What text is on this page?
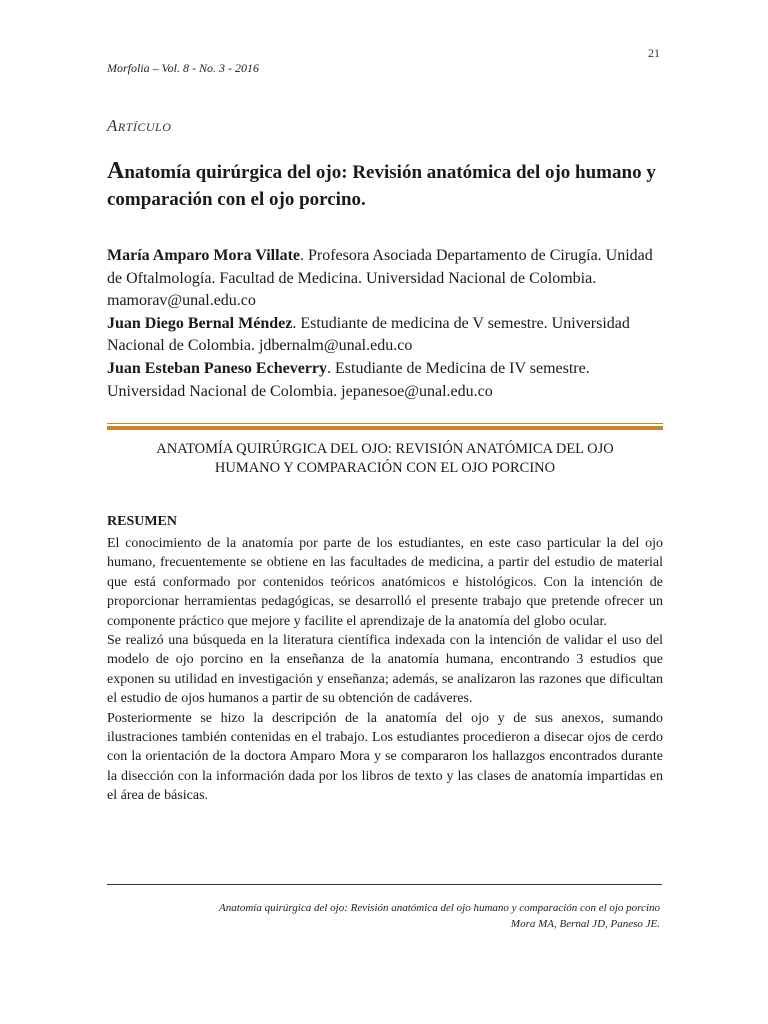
21
Morfolia – Vol. 8 - No. 3 - 2016
Artículo
Anatomía quirúrgica del ojo: Revisión anatómica del ojo humano y comparación con el ojo porcino.
María Amparo Mora Villate. Profesora Asociada Departamento de Cirugía. Unidad de Oftalmología. Facultad de Medicina. Universidad Nacional de Colombia. mamorav@unal.edu.co
Juan Diego Bernal Méndez. Estudiante de medicina de V semestre. Universidad Nacional de Colombia. jdbernalm@unal.edu.co
Juan Esteban Paneso Echeverry. Estudiante de Medicina de IV semestre. Universidad Nacional de Colombia. jepanesoe@unal.edu.co
ANATOMÍA QUIRÚRGICA DEL OJO: REVISIÓN ANATÓMICA DEL OJO
HUMANO Y COMPARACIÓN CON EL OJO PORCINO
RESUMEN

El conocimiento de la anatomía por parte de los estudiantes, en este caso particular la del ojo humano, frecuentemente se obtiene en las facultades de medicina, a partir del estudio de material que está conformado por contenidos teóricos anatómicos e histológicos. Con la intención de proporcionar herramientas pedagógicas, se desarrolló el presente trabajo que pretende ofrecer un componente práctico que mejore y facilite el aprendizaje de la anatomía del globo ocular.

Se realizó una búsqueda en la literatura científica indexada con la intención de validar el uso del modelo de ojo porcino en la enseñanza de la anatomía humana, encontrando 3 estudios que exponen su utilidad en investigación y enseñanza; además, se analizaron las razones que dificultan el estudio de ojos humanos a partir de su obtención de cadáveres.

Posteriormente se hizo la descripción de la anatomía del ojo y de sus anexos, sumando ilustraciones también contenidas en el trabajo. Los estudiantes procedieron a disecar ojos de cerdo con la orientación de la doctora Amparo Mora y se compararon los hallazgos encontrados durante la disección con la información dada por los libros de texto y las clases de anatomía impartidas en el área de básicas.

Anatomía quirúrgica del ojo: Revisión anatómica del ojo humano y comparación con el ojo porcino
Mora MA, Bernal JD, Paneso JE.
